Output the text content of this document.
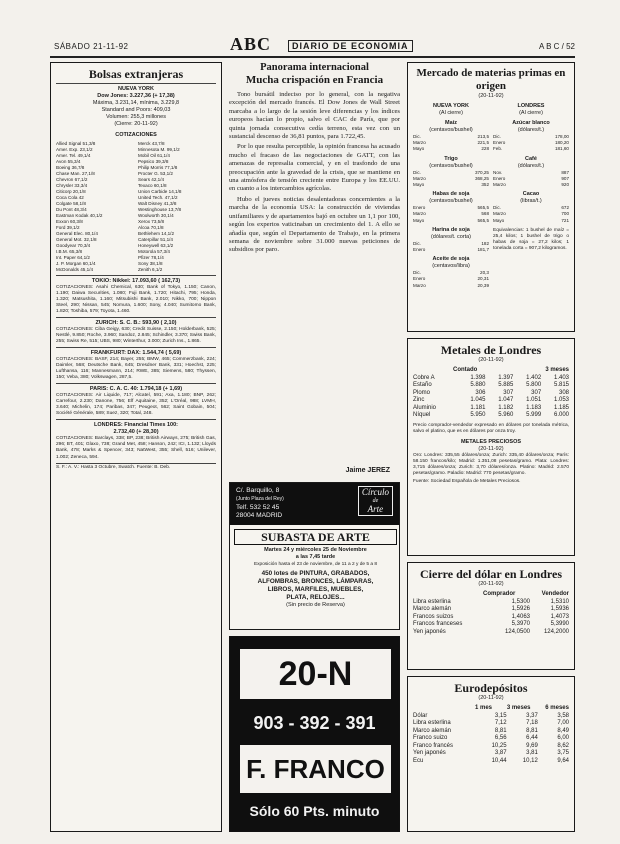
SÁBADO 21-11-92	ABC	DIARIO DE ECONOMIA	A B C / 52
Bolsas extranjeras
NUEVA YORK
Dow Jones: 3.227,36 (+ 17,38)
Máxima, 3.231,14, mínima, 3.229,8
Standard and Poors: 409,03
Volumen: 255,3 millones
(Cierre: 20-11-92)
COTIZACIONES
Allied Signal 51,3/8
Amer. Exp. 23,1/2
Amer. Tel. 49,1/4
Avon 55,3/4
Boeing 36,7/8
Chase Man. 27,1/8
Chevron 67,1/2
Chrysler 33,3/4
Citicorp 20,1/8
Coca Cola 42
Colgate 58,1/8
Du Pont 48,3/4
Eastman Kodak 40,1/2
Exxon 60,3/8
Ford 39,1/2
General Elec. 80,1/4
General Mot. 32,1/8
Goodyear 70,3/4
I.B.M. 65,3/8
Int. Paper 64,1/2
J. P. Morgan 60,1/4
McDonalds 45,1/4
Merck 43,7/8
Minnesota M. 99,1/2
Mobil Oil 61,1/4
Pepsico 39,3/8
Philip Morris 77,1/8
Procter G. 53,1/2
Sears 42,1/4
Texaco 60,1/8
Union Carbide 14,1/8
United Tech. 47,1/2
Walt Disney 41,3/8
Westinghouse 13,7/8
Woolworth 30,1/4
Xerox 73,5/8
Alcoa 70,1/8
Bethlehem 14,1/2
Caterpillar 51,1/4
Honeywell 63,1/2
Motorola 57,3/4
Pfizer 78,1/4
Sony 38,1/8
Zenith 6,1/2
TOKIO: Nikkei: 17.093,60 ( 162,73)

COTIZACIONES: Asahi Chemical, 630; Bank of Tokyo, 1.150; Canon, 1.190; Daiwa Securities, 1.080; Fuji Bank, 1.720; Hitachi, 795; Honda, 1.320; Matsushita, 1.160; Mitsubishi Bank, 2.010; Nikko, 700; Nippon Steel, 290; Nissan, 545; Nomura, 1.600; Sony, 4.040; Sumitomo Bank, 1.820; Toshiba, 579; Toyota, 1.460.

ZURICH: S. C. B.: 593,90 ( 2,10)

COTIZACIONES: Ciba Geigy, 630; Credit Suisse, 2.150; Holderbank, 525; Nestlé, 9.850; Roche, 3.960; Sandoz, 2.845; Schindler, 3.370; Swiss Bank, 255; Swiss Re, 515; UBS, 980; Winterthur, 3.000; Zurich Ins., 1.865.

FRANKFURT: DAX: 1.544,74 ( 5,69)

COTIZACIONES: BASF, 214; Bayer, 255; BMW, 465; Commerzbank, 224; Daimler, 568; Deutsche Bank, 645; Dresdner Bank, 331; Hoechst, 225; Lufthansa, 116; Mannesmann, 214; RWE, 385; Siemens, 580; Thyssen, 150; Veba, 380; Volkswagen, 287,5.

PARIS: C. A. C. 40: 1.794,18 (+ 1,69)

COTIZACIONES: Air Liquide, 717; Alcatel, 591; Axa, 1.180; BNP, 262; Carrefour, 2.230; Danone, 756; Elf Aquitaine, 352; L'Oréal, 988; LVMH, 3.640; Michelin, 174; Paribas, 347; Peugeot, 562; Saint Gobain, 504; Société Générale, 589; Suez, 320; Total, 248.

LONDRES: Financial Times 100:
2.732,40 (+ 28,30)

COTIZACIONES: Barclays, 338; BP, 238; British Airways, 275; British Gas, 296; BT, 401; Glaxo, 738; Grand Met, 458; Hanson, 242; ICI, 1.132; Lloyds Bank, 478; Marks & Spencer, 343; NatWest, 355; Shell, 516; Unilever, 1.002; Zeneca, 594.

S. F.: A. V.: Hasta 3 Octubre, Swatch. Fuente: B. Deb.

Panorama internacional
Mucha crispación en Francia

Tono bursátil indeciso por lo general, con la negativa excepción del mercado francés. El Dow Jones de Wall Street marcaba a lo largo de la sesión leve diferencias y los índices europeos hacían lo propio, salvo el CAC de París, que por quinta jornada consecutiva cedía terreno, esta vez con un sustancial descenso de 36,81 puntos, para 1.722,45.

Por lo que resulta perceptible, la opinión francesa ha acusado mucho el fracaso de las negociaciones de GATT, con las amenazas de represalia comercial, y en el trasfondo de una preocupación ante la gravedad de la crisis, que se mantiene en una atmósfera de tensión creciente entre Europa y los EE.UU. en cuanto a los intercambios agrícolas.

Hubo el jueves noticias desalentadoras concernientes a la marcha de la economía USA: la construcción de viviendas unifamiliares y de apartamentos bajó en octubre un 1,1 por 100, según los expertos vaticinaban un crecimiento del 1. A ello se añadía que, según el Departamento de Trabajo, en la primera semana de noviembre sobre 31.000 nuevas peticiones de subsidios por paro.

Jaime JEREZ
C/. Barquillo, 8
(Junto Plaza del Rey)
Telf. 532 52 45
28004 MADRID
Círculo
de
Arte
SUBASTA DE ARTE
Martes 24 y miércoles 25 de Noviembre
a las 7,45 tarde
Exposición hasta el 23 de noviembre, de 11 a 2 y de 5 a 8
450 lotes de PINTURA, GRABADOS,
ALFOMBRAS, BRONCES, LÁMPARAS,
LIBROS, MARFILES, MUEBLES,
PLATA, RELOJES...
(Sin precio de Reserva)
20-N
903 - 392 - 391
F. FRANCO
Sólo 60 Pts. minuto
Mercado de materias primas en origen
(20-11-92)
NUEVA YORK
(Al cierre)
Maíz
(centavos/bushel)
Dic.	213,5
Marzo	221,5
Mayo	228
Trigo
(centavos/bushel)
Dic.	370,25
Marzo	368,25
Mayo	352
Habas de soja
(centavos/bushel)
Enero	565,5
Marzo	568
Mayo	565,5
Harina de soja
(dólares/t. corta)
Dic.	182
Enero	181,7
Aceite de soja
(centavos/libra)
Dic.	20,3
Enero	20,31
Marzo	20,39
LONDRES
(Al cierre)
Azúcar blanco
(dólares/t.)
Dic.	178,00
Enero	180,20
Feb.	181,60
Café
(dólares/t.)
Nov.	887
Enero	907
Marzo	920
Cacao
(libras/t.)
Dic.	672
Marzo	700
Mayo	721

Equivalencias: 1 bushel de maíz = 25,4 kilos; 1 bushel de trigo o habas de soja = 27,2 kilos; 1 tonelada corta = 907,2 kilogramos.

Metales de Londres
(20-11-92)
Contado	3 meses
Cobre A	1.398	1.397	1.402	1.403
Estaño	5.880	5.885	5.800	5.815
Plomo	306	307	307	308
Zinc	1.045	1.047	1.051	1.053
Aluminio	1.181	1.182	1.183	1.185
Níquel	5.950	5.960	5.999	6.000

Precio comprador-vendedor expresado en dólares por tonelada métrica, salvo el platino, que es en dólares por onza troy.

METALES PRECIOSOS
(20-11-92)

Oro: Londres: 335,55 dólares/onza; Zurich: 335,40 dólares/onza; París: 58.150 francos/kilo; Madrid: 1.351,08 pesetas/gramo. Plata: Londres: 3,715 dólares/onza; Zurich: 3,70 dólares/onza. Platino: Madrid: 2.570 pesetas/gramo. Paladio: Madrid: 770 pesetas/gramo.

Fuente: Sociedad Española de Metales Preciosos.

Cierre del dólar en Londres
(20-11-92)
Comprador	Vendedor
Libra esterlina	1,5300	1,5310
Marco alemán	1,5926	1,5936
Francos suizos	1,4063	1,4073
Francos franceses	5,3970	5,3990
Yen japonés	124,0500	124,2000
Eurodepósitos
(20-11-92)
1 mes 3 meses 6 meses
Dólar	3,15	3,37	3,58
Libra esterlina	7,12	7,18	7,00
Marco alemán	8,81	8,81	8,49
Franco suizo	6,56	6,44	6,00
Franco francés	10,25	9,69	8,62
Yen japonés	3,87	3,81	3,75
Ecu	10,44	10,12	9,64
